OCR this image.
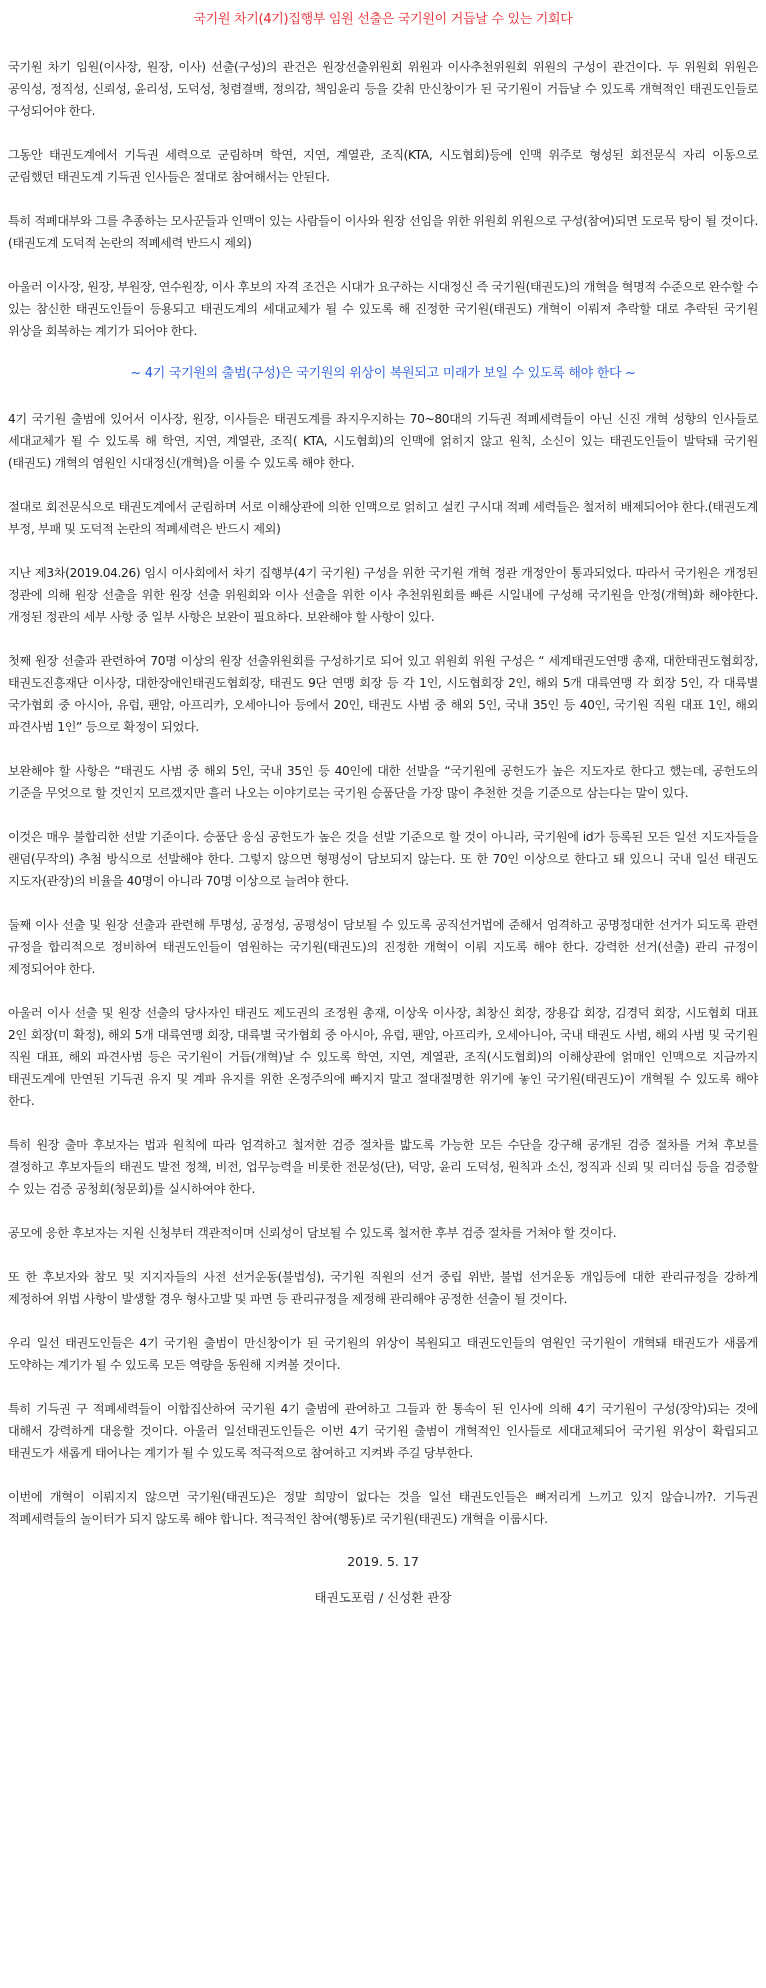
국기원 차기(4기)집행부 임원 선출은 국기원이 거듭날 수 있는 기회다

국기원 차기 임원(이사장, 원장, 이사) 선출(구성)의 관건은 원장선출위원회 위원과 이사추천위원회 위원의 구성이 관건이다. 두 위원회 위원은 공익성, 정직성, 신뢰성, 윤리성, 도덕성, 청렴결백, 정의감, 책임윤리 등을 갖춰 만신창이가 된 국기원이 거듭날 수 있도록 개혁적인 태권도인들로 구성되어야 한다.

그동안 태권도계에서 기득권 세력으로 군림하며 학연, 지연, 계열관, 조직(KTA, 시도협회)등에 인맥 위주로 형성된 회전문식 자리 이동으로 군림했던 태권도계 기득권 인사들은 절대로 참여해서는 안된다.

특히 적폐대부와 그를 추종하는 모사꾼들과 인맥이 있는 사람들이 이사와 원장 선임을 위한 위원회 위원으로 구성(참여)되면 도로묵 탕이 될 것이다.(태권도계 도덕적 논란의 적폐세력 반드시 제외)

아울러 이사장, 원장, 부원장, 연수원장, 이사 후보의 자격 조건은 시대가 요구하는 시대정신 즉 국기원(태권도)의 개혁을 혁명적 수준으로 완수할 수 있는 참신한 태권도인들이 등용되고 태권도계의 세대교체가 될 수 있도록 해 진정한 국기원(태권도) 개혁이 이뤄져 추락할 대로 추락된 국기원 위상을 회복하는 계기가 되어야 한다.

~ 4기 국기원의 출범(구성)은 국기원의 위상이 복원되고 미래가 보일 수 있도록 해야 한다 ~

4기 국기원 출범에 있어서 이사장, 원장, 이사들은 태권도계를 좌지우지하는 70~80대의 기득권 적폐세력들이 아닌 신진 개혁 성향의 인사들로 세대교체가 될 수 있도록 해 학연, 지연, 계열관, 조직( KTA, 시도협회)의 인맥에 얽히지 않고 원칙, 소신이 있는 태권도인들이 발탁돼 국기원(태권도) 개혁의 염원인 시대정신(개혁)을 이룰 수 있도록 해야 한다.

절대로 회전문식으로 태권도계에서 군림하며 서로 이해상관에 의한 인맥으로 얽히고 설킨 구시대 적폐 세력들은 철저히 배제되어야 한다.(태권도계 부정, 부패 및 도덕적 논란의 적폐세력은 반드시 제외)

지난 제3차(2019.04.26) 임시 이사회에서 차기 집행부(4기 국기원) 구성을 위한 국기원 개혁 정관 개정안이 통과되었다. 따라서 국기원은 개정된 정관에 의해 원장 선출을 위한 원장 선출 위원회와 이사 선출을 위한 이사 추천위원회를 빠른 시일내에 구성해 국기원을 안정(개혁)화 해야한다. 개정된 정관의 세부 사항 중 일부 사항은 보완이 필요하다. 보완해야 할 사항이 있다.

첫째 원장 선출과 관련하여 70명 이상의 원장 선출위원회를 구성하기로 되어 있고 위원회 위원 구성은 “ 세계태권도연맹 총재, 대한태권도협회장, 태권도진흥재단 이사장, 대한장애인태권도협회장, 태권도 9단 연맹 회장 등 각 1인, 시도협회장 2인, 해외 5개 대륙연맹 각 회장 5인, 각 대륙별 국가협회 중 아시아, 유럽, 팬암, 아프리카, 오세아니아 등에서 20인, 태권도 사범 중 해외 5인, 국내 35인 등 40인, 국기원 직원 대표 1인, 해외 파견사범 1인” 등으로 확정이 되었다.

보완해야 할 사항은 “태권도 사범 중 해외 5인, 국내 35인 등 40인에 대한 선발을 “국기원에 공헌도가 높은 지도자로 한다고 했는데, 공헌도의 기준을 무엇으로 할 것인지 모르겠지만 흘러 나오는 이야기로는 국기원 승품단을 가장 많이 추천한 것을 기준으로 삼는다는 말이 있다.

이것은 매우 불합리한 선발 기준이다. 승품단 응심 공헌도가 높은 것을 선발 기준으로 할 것이 아니라, 국기원에 id가 등록된 모든 일선 지도자들을 랜덤(무작의) 추첨 방식으로 선발해야 한다. 그렇지 않으면 형평성이 담보되지 않는다. 또 한 70인 이상으로 한다고 돼 있으니 국내 일선 태권도 지도자(관장)의 비율을 40명이 아니라 70명 이상으로 늘려야 한다.

둘째 이사 선출 및 원장 선출과 관련해 투명성, 공정성, 공평성이 담보될 수 있도록 공직선거법에 준해서 엄격하고 공명정대한 선거가 되도록 관련 규정을 합리적으로 정비하여 태권도인들이 염원하는 국기원(태권도)의 진정한 개혁이 이뤄 지도록 해야 한다. 강력한 선거(선출) 관리 규정이 제정되어야 한다.

아울러 이사 선출 및 원장 선출의 당사자인 태권도 제도권의 조정원 총재, 이상욱 이사장, 최창신 회장, 장용갑 회장, 김경덕 회장, 시도협회 대표 2인 회장(미 확정), 해외 5개 대륙연맹 회장, 대륙별 국가협회 중 아시아, 유럽, 팬암, 아프리카, 오세아니아, 국내 태권도 사범, 해외 사범 및 국기원 직원 대표, 해외 파견사범 등은 국기원이 거듭(개혁)날 수 있도록 학연, 지연, 계열관, 조직(시도협회)의 이해상관에 얽매인 인맥으로 지금까지 태권도계에 만연된 기득권 유지 및 계파 유지를 위한 온정주의에 빠지지 말고 절대절명한 위기에 놓인 국기원(태권도)이 개혁될 수 있도록 해야 한다.

특히 원장 출마 후보자는 법과 원칙에 따라 엄격하고 철저한 검증 절차를 밟도록 가능한 모든 수단을 강구해 공개된 검증 절차를 거쳐 후보를 결정하고 후보자들의 태권도 발전 정책, 비전, 업무능력을 비롯한 전문성(단), 덕망, 윤리 도덕성, 원칙과 소신, 정직과 신뢰 및 리더십 등을 검증할 수 있는 검증 공청회(청문회)를 실시하여야 한다.

공모에 응한 후보자는 지원 신청부터 객관적이며 신뢰성이 담보될 수 있도록 철저한 후부 검증 절차를 거쳐야 할 것이다.

또 한 후보자와 참모 및 지지자들의 사전 선거운동(불법성), 국기원 직원의 선거 중립 위반, 불법 선거운동 개입등에 대한 관리규정을 강하게 제정하여 위법 사항이 발생할 경우 형사고발 및 파면 등 관리규정을 제정해 관리해야 공정한 선출이 될 것이다.

우리 일선 태권도인들은 4기 국기원 출범이 만신창이가 된 국기원의 위상이 복원되고 태권도인들의 염원인 국기원이 개혁돼 태권도가 새롭게 도약하는 계기가 될 수 있도록 모든 역량을 동원해 지켜볼 것이다.

특히 기득권 구 적폐세력들이 이합집산하여 국기원 4기 출범에 관여하고 그들과 한 통속이 된 인사에 의해 4기 국기원이 구성(장악)되는 것에 대해서 강력하게 대응할 것이다. 아울러 일선태권도인들은 이번 4기 국기원 출범이 개혁적인 인사들로 세대교체되어 국기원 위상이 확립되고 태권도가 새롭게 태어나는 계기가 될 수 있도록 적극적으로 참여하고 지켜봐 주길 당부한다.

이번에 개혁이 이뤄지지 않으면 국기원(태권도)은 정말 희망이 없다는 것을 일선 태권도인들은 뼈저리게 느끼고 있지 않습니까?. 기득권 적폐세력들의 놀이터가 되지 않도록 해야 합니다. 적극적인 참여(행동)로 국기원(태권도) 개혁을 이룹시다.

2019. 5. 17
태권도포럼 / 신성환 관장
